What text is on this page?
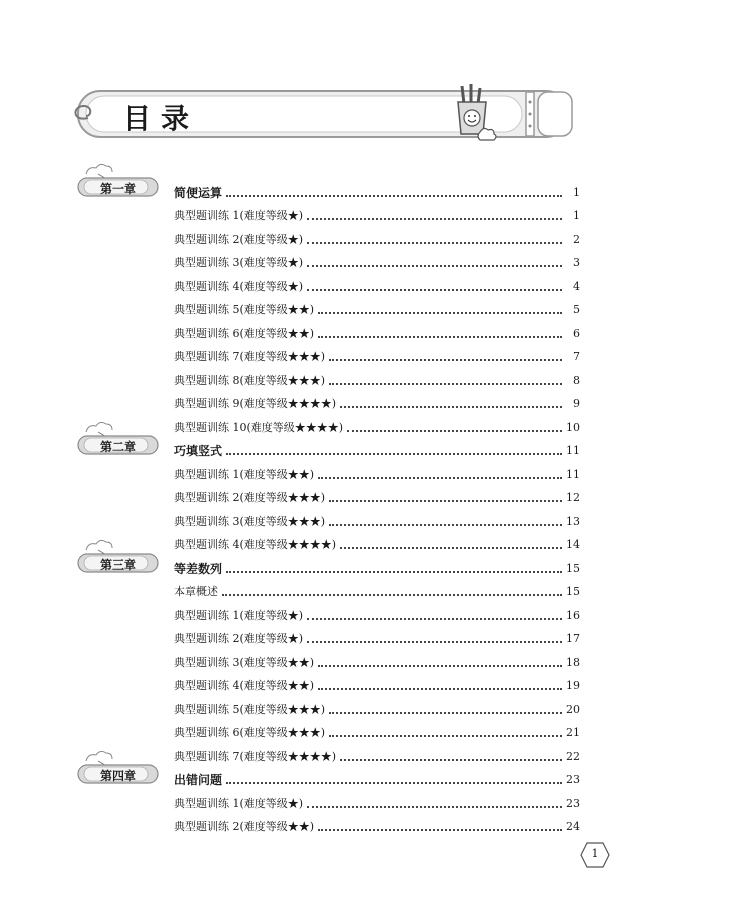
目录
第一章
第二章
第三章
第四章
简便运算	1
典型题训练 1(难度等级★)	1
典型题训练 2(难度等级★)	2
典型题训练 3(难度等级★)	3
典型题训练 4(难度等级★)	4
典型题训练 5(难度等级★★)	5
典型题训练 6(难度等级★★)	6
典型题训练 7(难度等级★★★)	7
典型题训练 8(难度等级★★★)	8
典型题训练 9(难度等级★★★★)	9
典型题训练 10(难度等级★★★★)	10
巧填竖式	11
典型题训练 1(难度等级★★)	11
典型题训练 2(难度等级★★★)	12
典型题训练 3(难度等级★★★)	13
典型题训练 4(难度等级★★★★)	14
等差数列	15
本章概述	15
典型题训练 1(难度等级★)	16
典型题训练 2(难度等级★)	17
典型题训练 3(难度等级★★)	18
典型题训练 4(难度等级★★)	19
典型题训练 5(难度等级★★★)	20
典型题训练 6(难度等级★★★)	21
典型题训练 7(难度等级★★★★)	22
出错问题	23
典型题训练 1(难度等级★)	23
典型题训练 2(难度等级★★)	24
1
